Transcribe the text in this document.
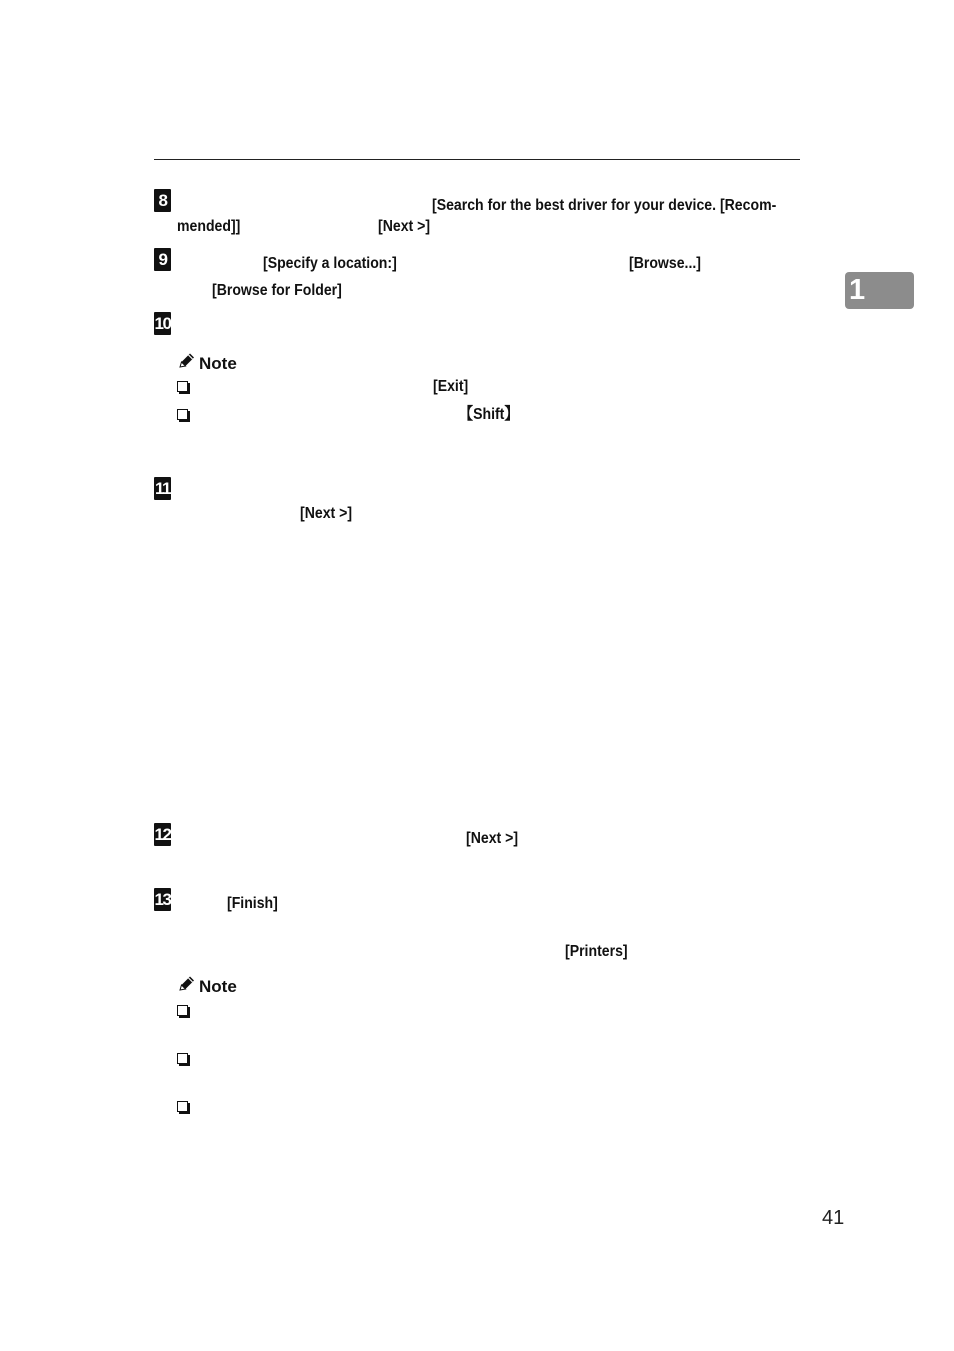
1
8	[Search for the best driver for your device. [Recom-
mended]]	[Next >]
9	[Specify a location:]	[Browse...]
[Browse for Folder]
10
Note
[Exit]
【Shift】
11
[Next >]
12	[Next >]
13	[Finish]
[Printers]
Note
41
